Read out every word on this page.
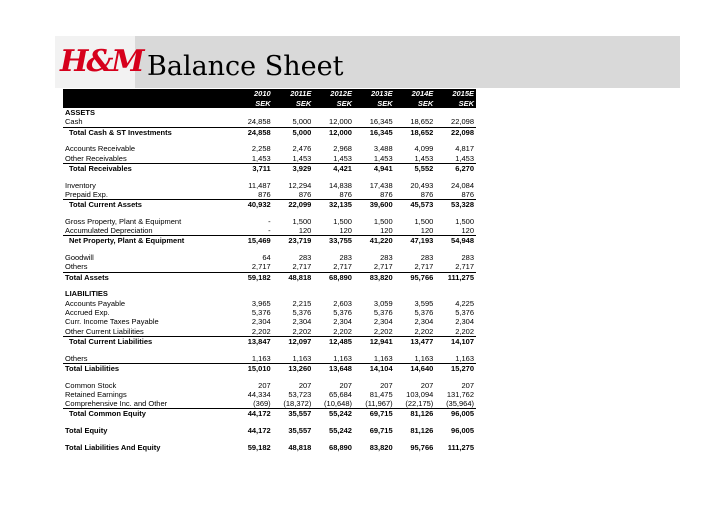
H&M Balance Sheet
	2010	2011E	2012E	2013E	2014E	2015E
	SEK	SEK	SEK	SEK	SEK	SEK
ASSETS						
Cash	24,858	5,000	12,000	16,345	18,652	22,098
Total Cash & ST Investments	24,858	5,000	12,000	16,345	18,652	22,098

Accounts Receivable	2,258	2,476	2,968	3,488	4,099	4,817
Other Receivables	1,453	1,453	1,453	1,453	1,453	1,453
Total Receivables	3,711	3,929	4,421	4,941	5,552	6,270

Inventory	11,487	12,294	14,838	17,438	20,493	24,084
Prepaid Exp.	876	876	876	876	876	876
Total Current Assets	40,932	22,099	32,135	39,600	45,573	53,328

Gross Property, Plant & Equipment	-	1,500	1,500	1,500	1,500	1,500
Accumulated Depreciation	-	120	120	120	120	120
Net Property, Plant & Equipment	15,469	23,719	33,755	41,220	47,193	54,948

Goodwill	64	283	283	283	283	283
Others	2,717	2,717	2,717	2,717	2,717	2,717
Total Assets	59,182	48,818	68,890	83,820	95,766	111,275

LIABILITIES						
Accounts Payable	3,965	2,215	2,603	3,059	3,595	4,225
Accrued Exp.	5,376	5,376	5,376	5,376	5,376	5,376
Curr. Income Taxes Payable	2,304	2,304	2,304	2,304	2,304	2,304
Other Current Liabilities	2,202	2,202	2,202	2,202	2,202	2,202
Total Current Liabilities	13,847	12,097	12,485	12,941	13,477	14,107

Others	1,163	1,163	1,163	1,163	1,163	1,163
Total Liabilities	15,010	13,260	13,648	14,104	14,640	15,270

Common Stock	207	207	207	207	207	207
Retained Earnings	44,334	53,723	65,684	81,475	103,094	131,762
Comprehensive Inc. and Other	(369)	(18,372)	(10,648)	(11,967)	(22,175)	(35,964)
Total Common Equity	44,172	35,557	55,242	69,715	81,126	96,005

Total Equity	44,172	35,557	55,242	69,715	81,126	96,005

Total Liabilities And Equity	59,182	48,818	68,890	83,820	95,766	111,275
